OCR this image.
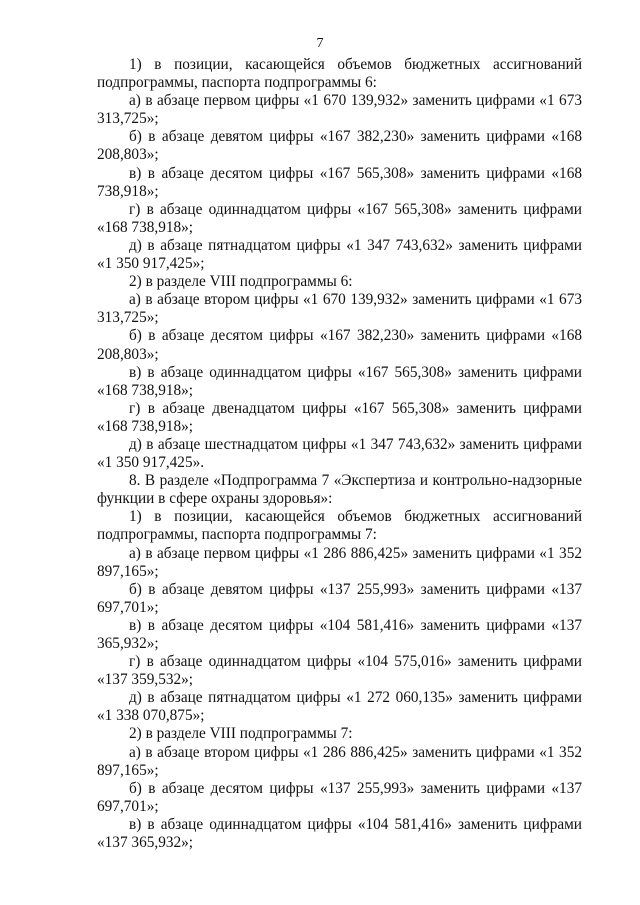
7

1) в позиции, касающейся объемов бюджетных ассигнований подпрограммы, паспорта подпрограммы 6:

а) в абзаце первом цифры «1 670 139,932» заменить цифрами «1 673 313,725»;

б) в абзаце девятом цифры «167 382,230» заменить цифрами «168 208,803»;

в) в абзаце десятом цифры «167 565,308» заменить цифрами «168 738,918»;

г) в абзаце одиннадцатом цифры «167 565,308» заменить цифрами «168 738,918»;

д) в абзаце пятнадцатом цифры «1 347 743,632» заменить цифрами «1 350 917,425»;

2) в разделе VIII подпрограммы 6:

а) в абзаце втором цифры «1 670 139,932» заменить цифрами «1 673 313,725»;

б) в абзаце десятом цифры «167 382,230» заменить цифрами «168 208,803»;

в) в абзаце одиннадцатом цифры «167 565,308» заменить цифрами «168 738,918»;

г) в абзаце двенадцатом цифры «167 565,308» заменить цифрами «168 738,918»;

д) в абзаце шестнадцатом цифры «1 347 743,632» заменить цифрами «1 350 917,425».

8. В разделе «Подпрограмма 7 «Экспертиза и контрольно-надзорные функции в сфере охраны здоровья»:

1) в позиции, касающейся объемов бюджетных ассигнований подпрограммы, паспорта подпрограммы 7:

а) в абзаце первом цифры «1 286 886,425» заменить цифрами «1 352 897,165»;

б) в абзаце девятом цифры «137 255,993» заменить цифрами «137 697,701»;

в) в абзаце десятом цифры «104 581,416» заменить цифрами «137 365,932»;

г) в абзаце одиннадцатом цифры «104 575,016» заменить цифрами «137 359,532»;

д) в абзаце пятнадцатом цифры «1 272 060,135» заменить цифрами «1 338 070,875»;

2) в разделе VIII подпрограммы 7:

а) в абзаце втором цифры «1 286 886,425» заменить цифрами «1 352 897,165»;

б) в абзаце десятом цифры «137 255,993» заменить цифрами «137 697,701»;

в) в абзаце одиннадцатом цифры «104 581,416» заменить цифрами «137 365,932»;
